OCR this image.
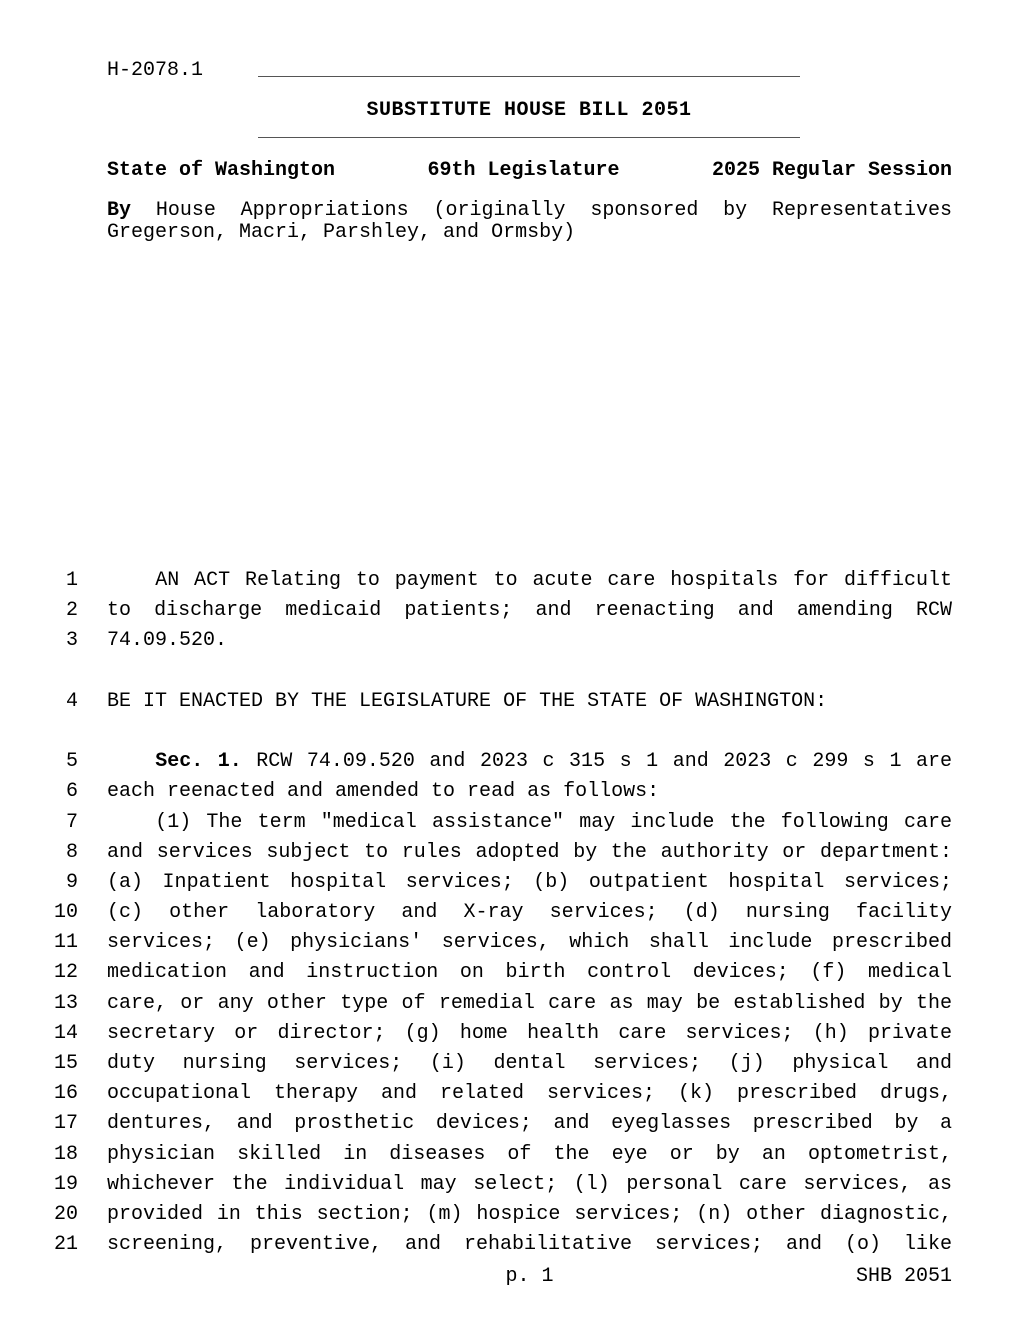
H-2078.1
SUBSTITUTE HOUSE BILL 2051
State of Washington	69th Legislature	2025 Regular Session
By House Appropriations (originally sponsored by Representatives
Gregerson, Macri, Parshley, and Ormsby)
1	AN ACT Relating to payment to acute care hospitals for difficult
2 to discharge medicaid patients; and reenacting and amending RCW
3 74.09.520.
4 BE IT ENACTED BY THE LEGISLATURE OF THE STATE OF WASHINGTON:
5	Sec. 1. RCW 74.09.520 and 2023 c 315 s 1 and 2023 c 299 s 1 are
6 each reenacted and amended to read as follows:
7	(1) The term "medical assistance" may include the following care
8 and services subject to rules adopted by the authority or department:
9 (a) Inpatient hospital services; (b) outpatient hospital services;
10 (c) other laboratory and X-ray services; (d) nursing facility
11 services; (e) physicians' services, which shall include prescribed
12 medication and instruction on birth control devices; (f) medical
13 care, or any other type of remedial care as may be established by the
14 secretary or director; (g) home health care services; (h) private
15 duty nursing services; (i) dental services; (j) physical and
16 occupational therapy and related services; (k) prescribed drugs,
17 dentures, and prosthetic devices; and eyeglasses prescribed by a
18 physician skilled in diseases of the eye or by an optometrist,
19 whichever the individual may select; (l) personal care services, as
20 provided in this section; (m) hospice services; (n) other diagnostic,
21 screening, preventive, and rehabilitative services; and (o) like
p. 1	SHB 2051
